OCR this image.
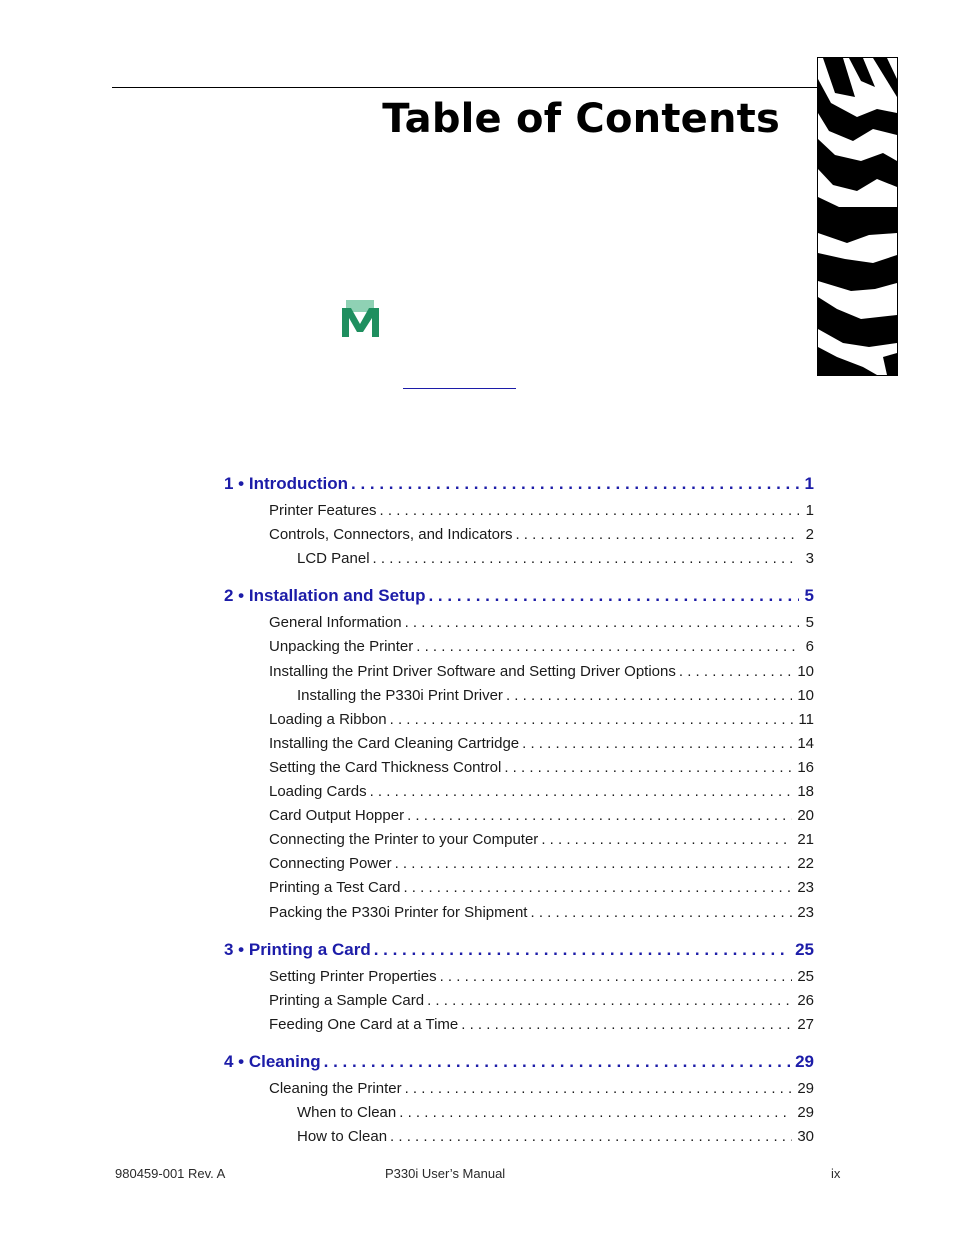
Table of Contents
1 • Introduction . . .	1
Printer Features . . .	1
Controls, Connectors, and Indicators . . .	2
LCD Panel . . .	3
2 • Installation and Setup . . .	5
General Information . . .	5
Unpacking the Printer . . .	6
Installing the Print Driver Software and Setting Driver Options . . .	10
Installing the P330i Print Driver . . .	10
Loading a Ribbon . . .	11
Installing the Card Cleaning Cartridge . . .	14
Setting the Card Thickness Control . . .	16
Loading Cards . . .	18
Card Output Hopper . . .	20
Connecting the Printer to your Computer . . .	21
Connecting Power . . .	22
Printing a Test Card . . .	23
Packing the P330i Printer for Shipment . . .	23
3 • Printing a Card . . .	25
Setting Printer Properties . . .	25
Printing a Sample Card . . .	26
Feeding One Card at a Time . . .	27
4 • Cleaning . . .	29
Cleaning the Printer . . .	29
When to Clean . . .	29
How to Clean . . .	30
980459-001 Rev. A	P330i User’s Manual	ix
